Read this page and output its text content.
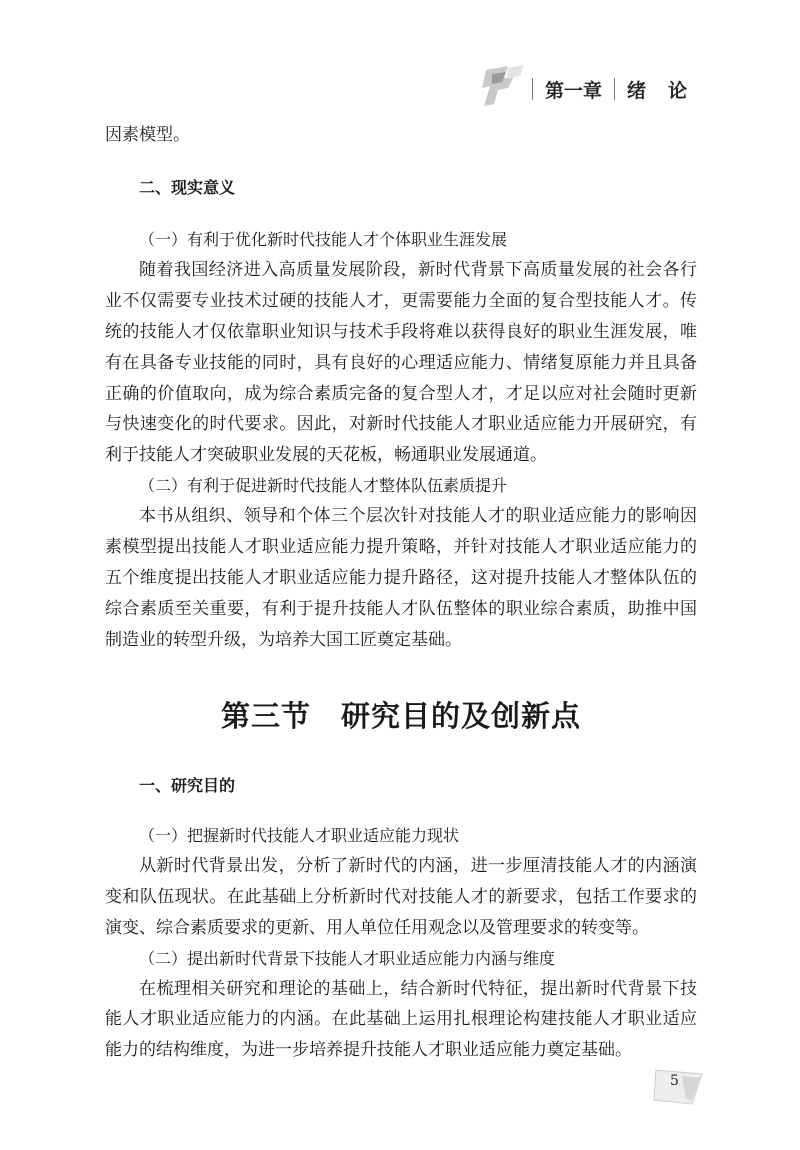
第一章 绪论
因素模型。
二、现实意义
（一）有利于优化新时代技能人才个体职业生涯发展

随着我国经济进入高质量发展阶段，新时代背景下高质量发展的社会各行业不仅需要专业技术过硬的技能人才，更需要能力全面的复合型技能人才。传统的技能人才仅依靠职业知识与技术手段将难以获得良好的职业生涯发展，唯有在具备专业技能的同时，具有良好的心理适应能力、情绪复原能力并且具备正确的价值取向，成为综合素质完备的复合型人才，才足以应对社会随时更新与快速变化的时代要求。因此，对新时代技能人才职业适应能力开展研究，有利于技能人才突破职业发展的天花板，畅通职业发展通道。

（二）有利于促进新时代技能人才整体队伍素质提升

本书从组织、领导和个体三个层次针对技能人才的职业适应能力的影响因素模型提出技能人才职业适应能力提升策略，并针对技能人才职业适应能力的五个维度提出技能人才职业适应能力提升路径，这对提升技能人才整体队伍的综合素质至关重要，有利于提升技能人才队伍整体的职业综合素质，助推中国制造业的转型升级，为培养大国工匠奠定基础。

第三节　研究目的及创新点
一、研究目的
（一）把握新时代技能人才职业适应能力现状

从新时代背景出发，分析了新时代的内涵，进一步厘清技能人才的内涵演变和队伍现状。在此基础上分析新时代对技能人才的新要求，包括工作要求的演变、综合素质要求的更新、用人单位任用观念以及管理要求的转变等。

（二）提出新时代背景下技能人才职业适应能力内涵与维度

在梳理相关研究和理论的基础上，结合新时代特征，提出新时代背景下技能人才职业适应能力的内涵。在此基础上运用扎根理论构建技能人才职业适应能力的结构维度，为进一步培养提升技能人才职业适应能力奠定基础。

5
